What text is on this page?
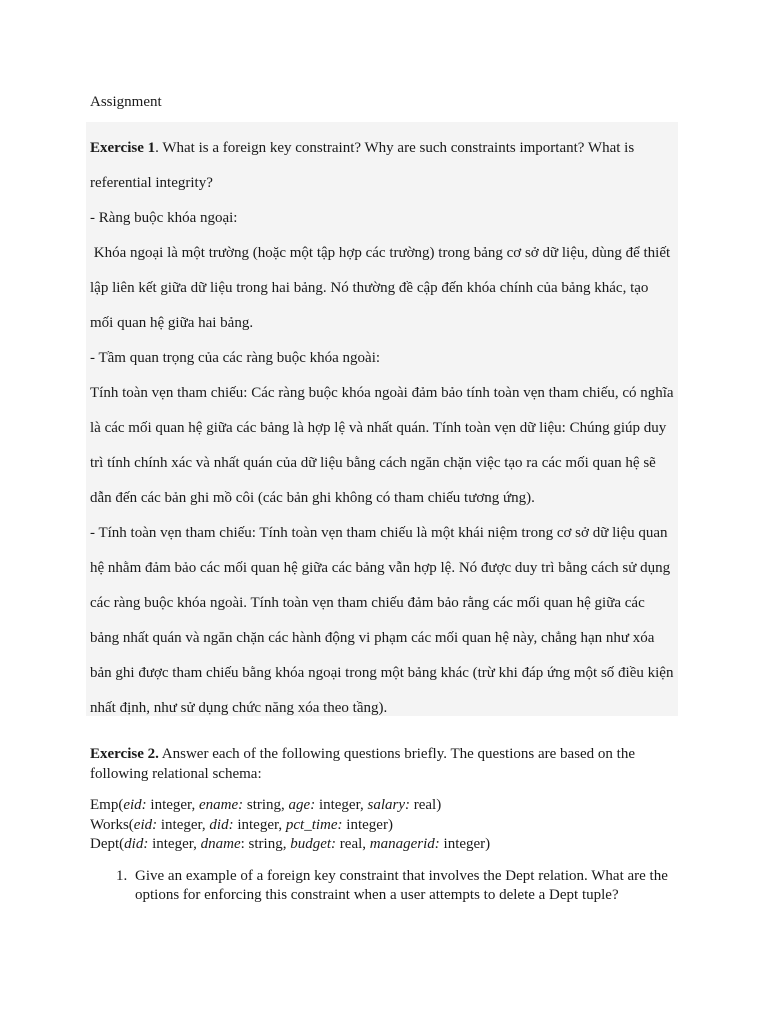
Assignment

Exercise 1. What is a foreign key constraint? Why are such constraints important? What is

referential integrity?

- Ràng buộc khóa ngoại:

Khóa ngoại là một trường (hoặc một tập hợp các trường) trong bảng cơ sở dữ liệu, dùng để thiết

lập liên kết giữa dữ liệu trong hai bảng. Nó thường đề cập đến khóa chính của bảng khác, tạo

mối quan hệ giữa hai bảng.

- Tầm quan trọng của các ràng buộc khóa ngoài:

Tính toàn vẹn tham chiếu: Các ràng buộc khóa ngoài đảm bảo tính toàn vẹn tham chiếu, có nghĩa

là các mối quan hệ giữa các bảng là hợp lệ và nhất quán. Tính toàn vẹn dữ liệu: Chúng giúp duy

trì tính chính xác và nhất quán của dữ liệu bằng cách ngăn chặn việc tạo ra các mối quan hệ sẽ

dẫn đến các bản ghi mồ côi (các bản ghi không có tham chiếu tương ứng).

- Tính toàn vẹn tham chiếu: Tính toàn vẹn tham chiếu là một khái niệm trong cơ sở dữ liệu quan

hệ nhằm đảm bảo các mối quan hệ giữa các bảng vẫn hợp lệ. Nó được duy trì bằng cách sử dụng

các ràng buộc khóa ngoài. Tính toàn vẹn tham chiếu đảm bảo rằng các mối quan hệ giữa các

bảng nhất quán và ngăn chặn các hành động vi phạm các mối quan hệ này, chẳng hạn như xóa

bản ghi được tham chiếu bằng khóa ngoại trong một bảng khác (trừ khi đáp ứng một số điều kiện

nhất định, như sử dụng chức năng xóa theo tầng).

Exercise 2. Answer each of the following questions briefly. The questions are based on the following relational schema:

Emp(eid: integer, ename: string, age: integer, salary: real)

Works(eid: integer, did: integer, pct_time: integer)

Dept(did: integer, dname: string, budget: real, managerid: integer)

1. Give an example of a foreign key constraint that involves the Dept relation. What are the options for enforcing this constraint when a user attempts to delete a Dept tuple?
